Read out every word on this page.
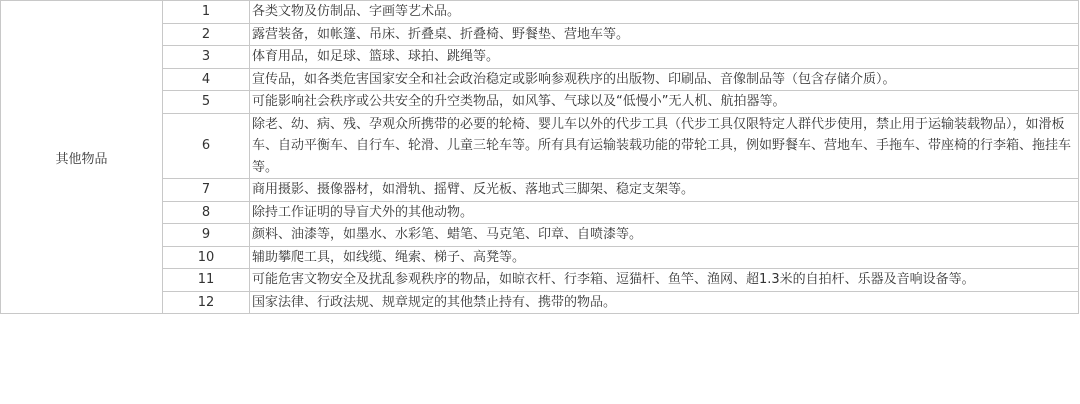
其他物品	1	各类文物及仿制品、字画等艺术品。
	2	露营装备，如帐篷、吊床、折叠桌、折叠椅、野餐垫、营地车等。
	3	体育用品，如足球、篮球、球拍、跳绳等。
	4	宣传品，如各类危害国家安全和社会政治稳定或影响参观秩序的出版物、印刷品、音像制品等（包含存储介质）。
	5	可能影响社会秩序或公共安全的升空类物品，如风筝、气球以及“低慢小”无人机、航拍器等。
	6	除老、幼、病、残、孕观众所携带的必要的轮椅、婴儿车以外的代步工具（代步工具仅限特定人群代步使用，禁止用于运输装载物品），如滑板车、自动平衡车、自行车、轮滑、儿童三轮车等。所有具有运输装载功能的带轮工具，例如野餐车、营地车、手拖车、带座椅的行李箱、拖挂车等。
	7	商用摄影、摄像器材，如滑轨、摇臂、反光板、落地式三脚架、稳定支架等。
	8	除持工作证明的导盲犬外的其他动物。
	9	颜料、油漆等，如墨水、水彩笔、蜡笔、马克笔、印章、自喷漆等。
	10	辅助攀爬工具，如线缆、绳索、梯子、高凳等。
	11	可能危害文物安全及扰乱参观秩序的物品，如晾衣杆、行李箱、逗猫杆、鱼竿、渔网、超1.3米的自拍杆、乐器及音响设备等。
	12	国家法律、行政法规、规章规定的其他禁止持有、携带的物品。
